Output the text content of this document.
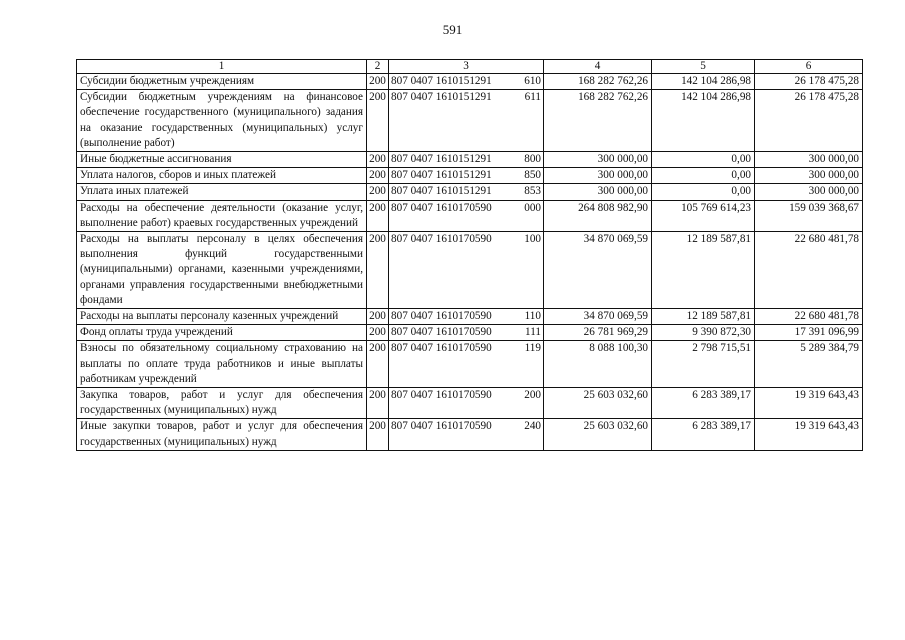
591
1	2	3	4	5	6
Субсидии бюджетным учреждениям	200	807 0407 1610151291 610	168 282 762,26	142 104 286,98	26 178 475,28
Субсидии бюджетным учреждениям на финансовое обеспечение государственного (муниципального) задания на оказание государственных (муниципальных) услуг (выполнение работ)	200	807 0407 1610151291 611	168 282 762,26	142 104 286,98	26 178 475,28
Иные бюджетные ассигнования	200	807 0407 1610151291 800	300 000,00	0,00	300 000,00
Уплата налогов, сборов и иных платежей	200	807 0407 1610151291 850	300 000,00	0,00	300 000,00
Уплата иных платежей	200	807 0407 1610151291 853	300 000,00	0,00	300 000,00
Расходы на обеспечение деятельности (оказание услуг, выполнение работ) краевых государственных учреждений	200	807 0407 1610170590 000	264 808 982,90	105 769 614,23	159 039 368,67
Расходы на выплаты персоналу в целях обеспечения выполнения функций государственными (муниципальными) органами, казенными учреждениями, органами управления государственными внебюджетными фондами	200	807 0407 1610170590 100	34 870 069,59	12 189 587,81	22 680 481,78
Расходы на выплаты персоналу казенных учреждений	200	807 0407 1610170590 110	34 870 069,59	12 189 587,81	22 680 481,78
Фонд оплаты труда учреждений	200	807 0407 1610170590 111	26 781 969,29	9 390 872,30	17 391 096,99
Взносы по обязательному социальному страхованию на выплаты по оплате труда работников и иные выплаты работникам учреждений	200	807 0407 1610170590 119	8 088 100,30	2 798 715,51	5 289 384,79
Закупка товаров, работ и услуг для обеспечения государственных (муниципальных) нужд	200	807 0407 1610170590 200	25 603 032,60	6 283 389,17	19 319 643,43
Иные закупки товаров, работ и услуг для обеспечения государственных (муниципальных) нужд	200	807 0407 1610170590 240	25 603 032,60	6 283 389,17	19 319 643,43
